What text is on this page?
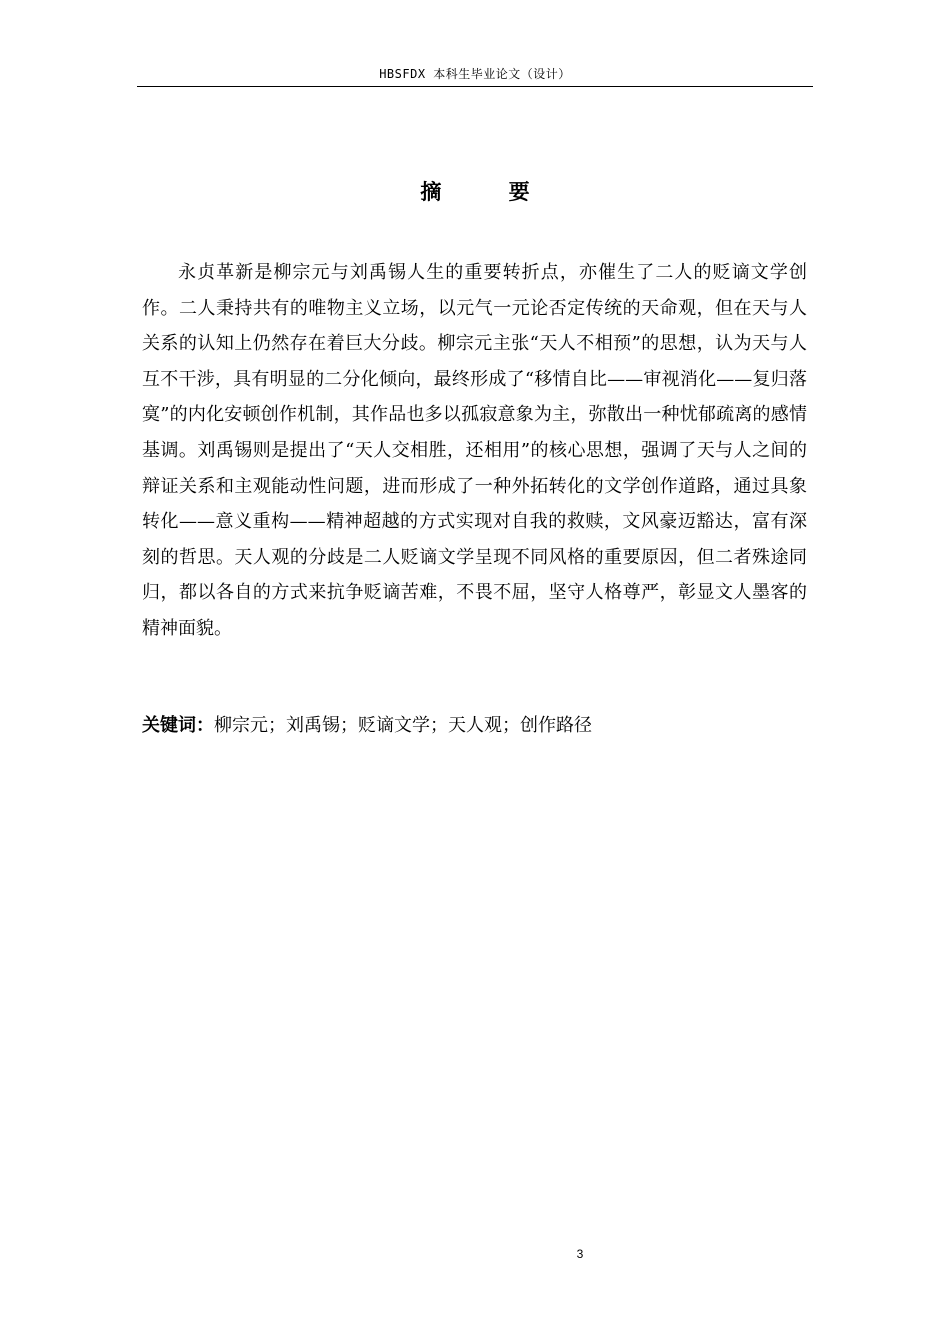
HBSFDX 本科生毕业论文（设计）
摘 要

永贞革新是柳宗元与刘禹锡人生的重要转折点，亦催生了二人的贬谪文学创作。二人秉持共有的唯物主义立场，以元气一元论否定传统的天命观，但在天与人关系的认知上仍然存在着巨大分歧。柳宗元主张“天人不相预”的思想，认为天与人互不干涉，具有明显的二分化倾向，最终形成了“移情自比——审视消化——复归落寞”的内化安顿创作机制，其作品也多以孤寂意象为主，弥散出一种忧郁疏离的感情基调。刘禹锡则是提出了“天人交相胜，还相用”的核心思想，强调了天与人之间的辩证关系和主观能动性问题，进而形成了一种外拓转化的文学创作道路，通过具象转化——意义重构——精神超越的方式实现对自我的救赎，文风豪迈豁达，富有深刻的哲思。天人观的分歧是二人贬谪文学呈现不同风格的重要原因，但二者殊途同归，都以各自的方式来抗争贬谪苦难，不畏不屈，坚守人格尊严，彰显文人墨客的精神面貌。

关键词：柳宗元；刘禹锡；贬谪文学；天人观；创作路径
3
